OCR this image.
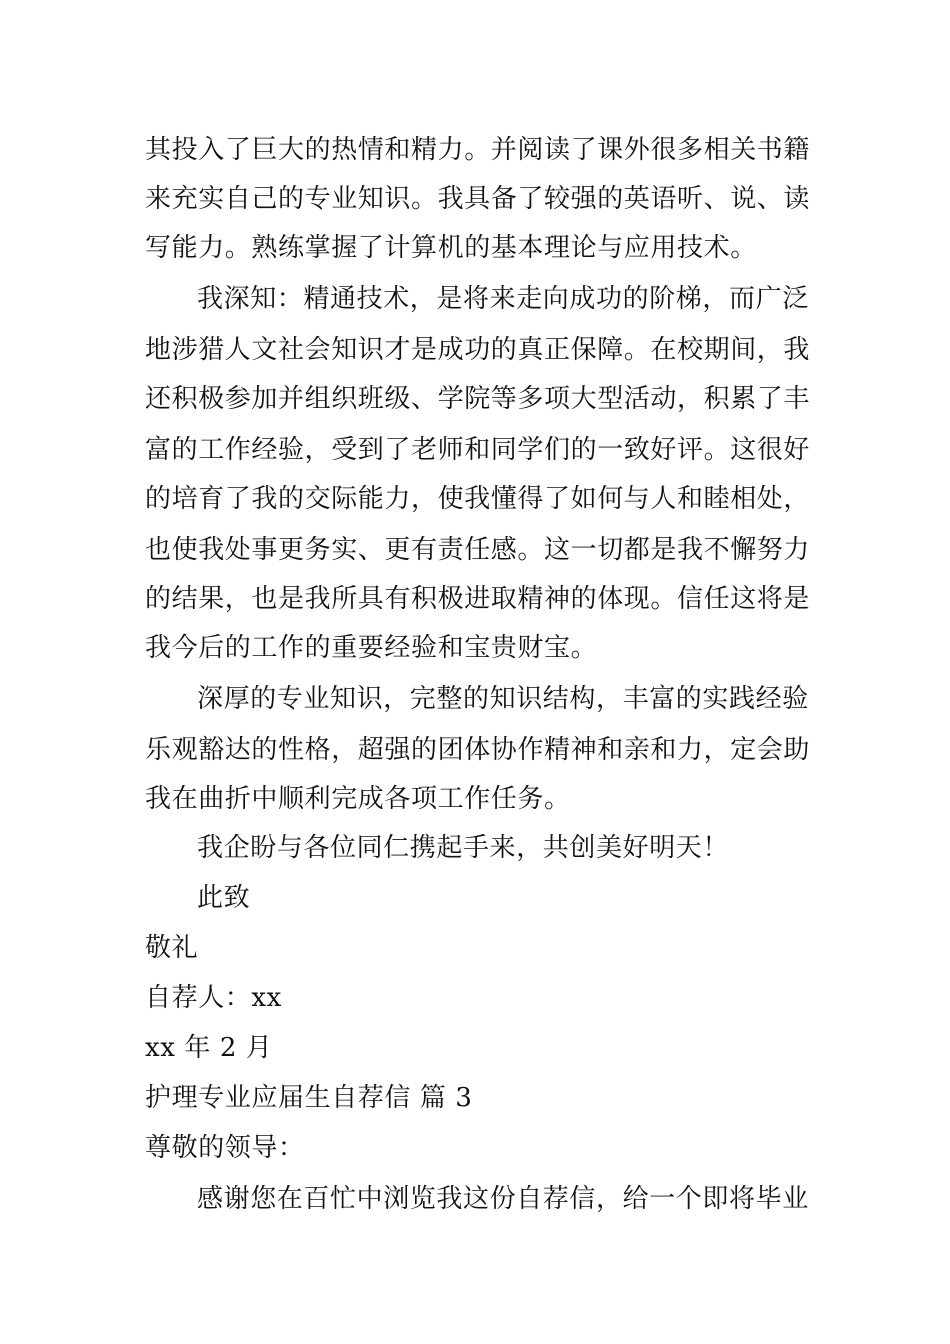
其投入了巨大的热情和精力。并阅读了课外很多相关书籍
来充实自己的专业知识。我具备了较强的英语听、说、读
写能力。熟练掌握了计算机的基本理论与应用技术。
我深知：精通技术，是将来走向成功的阶梯，而广泛
地涉猎人文社会知识才是成功的真正保障。在校期间，我
还积极参加并组织班级、学院等多项大型活动，积累了丰
富的工作经验，受到了老师和同学们的一致好评。这很好
的培育了我的交际能力，使我懂得了如何与人和睦相处，
也使我处事更务实、更有责任感。这一切都是我不懈努力
的结果，也是我所具有积极进取精神的体现。信任这将是
我今后的工作的重要经验和宝贵财宝。
深厚的专业知识，完整的知识结构，丰富的实践经验
乐观豁达的性格，超强的团体协作精神和亲和力，定会助
我在曲折中顺利完成各项工作任务。
我企盼与各位同仁携起手来，共创美好明天！
此致
敬礼
自荐人：xx
xx 年 2 月
护理专业应届生自荐信 篇 3
尊敬的领导：
感谢您在百忙中浏览我这份自荐信，给一个即将毕业
